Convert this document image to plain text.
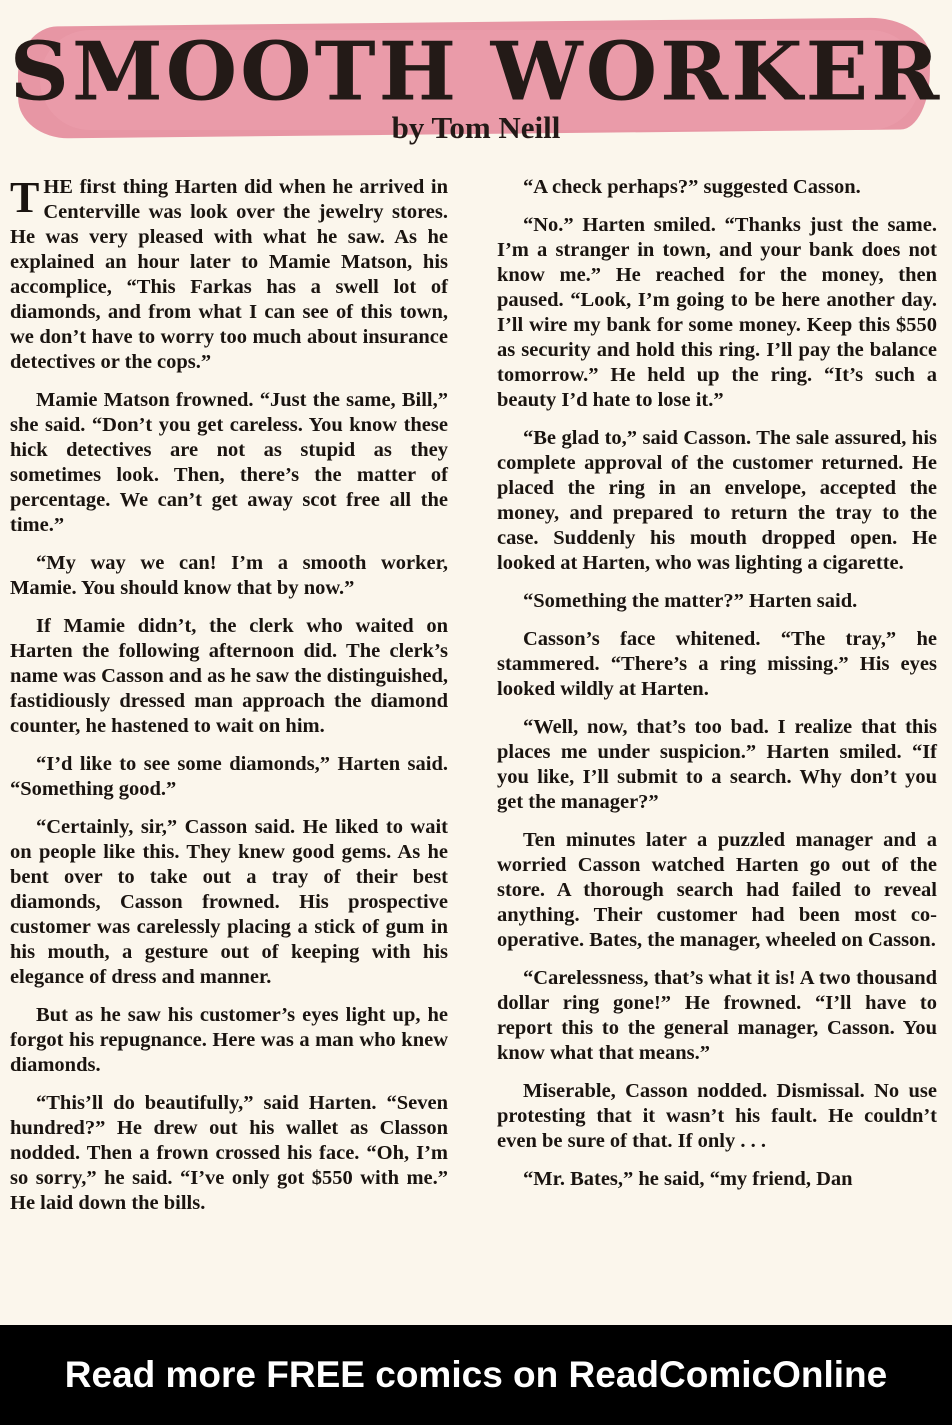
SMOOTH WORKER
by Tom Neill

THE first thing Harten did when he arrived in Centerville was look over the jewelry stores. He was very pleased with what he saw. As he explained an hour later to Mamie Matson, his accomplice, “This Farkas has a swell lot of diamonds, and from what I can see of this town, we don’t have to worry too much about insurance detectives or the cops.”

Mamie Matson frowned. “Just the same, Bill,” she said. “Don’t you get careless. You know these hick detectives are not as stupid as they sometimes look. Then, there’s the matter of percentage. We can’t get away scot free all the time.”

“My way we can! I’m a smooth worker, Mamie. You should know that by now.”

If Mamie didn’t, the clerk who waited on Harten the following afternoon did. The clerk’s name was Casson and as he saw the distinguished, fastidiously dressed man approach the diamond counter, he hastened to wait on him.

“I’d like to see some diamonds,” Harten said. “Something good.”

“Certainly, sir,” Casson said. He liked to wait on people like this. They knew good gems. As he bent over to take out a tray of their best diamonds, Casson frowned. His prospective customer was carelessly placing a stick of gum in his mouth, a gesture out of keeping with his elegance of dress and manner.

But as he saw his customer’s eyes light up, he forgot his repugnance. Here was a man who knew diamonds.

“This’ll do beautifully,” said Harten. “Seven hundred?” He drew out his wallet as Classon nodded. Then a frown crossed his face. “Oh, I’m so sorry,” he said. “I’ve only got $550 with me.” He laid down the bills.

“A check perhaps?” suggested Casson.

“No.” Harten smiled. “Thanks just the same. I’m a stranger in town, and your bank does not know me.” He reached for the money, then paused. “Look, I’m going to be here another day. I’ll wire my bank for some money. Keep this $550 as security and hold this ring. I’ll pay the balance tomorrow.” He held up the ring. “It’s such a beauty I’d hate to lose it.”

“Be glad to,” said Casson. The sale assured, his complete approval of the customer returned. He placed the ring in an envelope, accepted the money, and prepared to return the tray to the case. Suddenly his mouth dropped open. He looked at Harten, who was lighting a cigarette.

“Something the matter?” Harten said.

Casson’s face whitened. “The tray,” he stammered. “There’s a ring missing.” His eyes looked wildly at Harten.

“Well, now, that’s too bad. I realize that this places me under suspicion.” Harten smiled. “If you like, I’ll submit to a search. Why don’t you get the manager?”

Ten minutes later a puzzled manager and a worried Casson watched Harten go out of the store. A thorough search had failed to reveal anything. Their customer had been most co-operative. Bates, the manager, wheeled on Casson.

“Carelessness, that’s what it is! A two thousand dollar ring gone!” He frowned. “I’ll have to report this to the general manager, Casson. You know what that means.”

Miserable, Casson nodded. Dismissal. No use protesting that it wasn’t his fault. He couldn’t even be sure of that. If only . . .

“Mr. Bates,” he said, “my friend, Dan

Read more FREE comics on ReadComicOnline
